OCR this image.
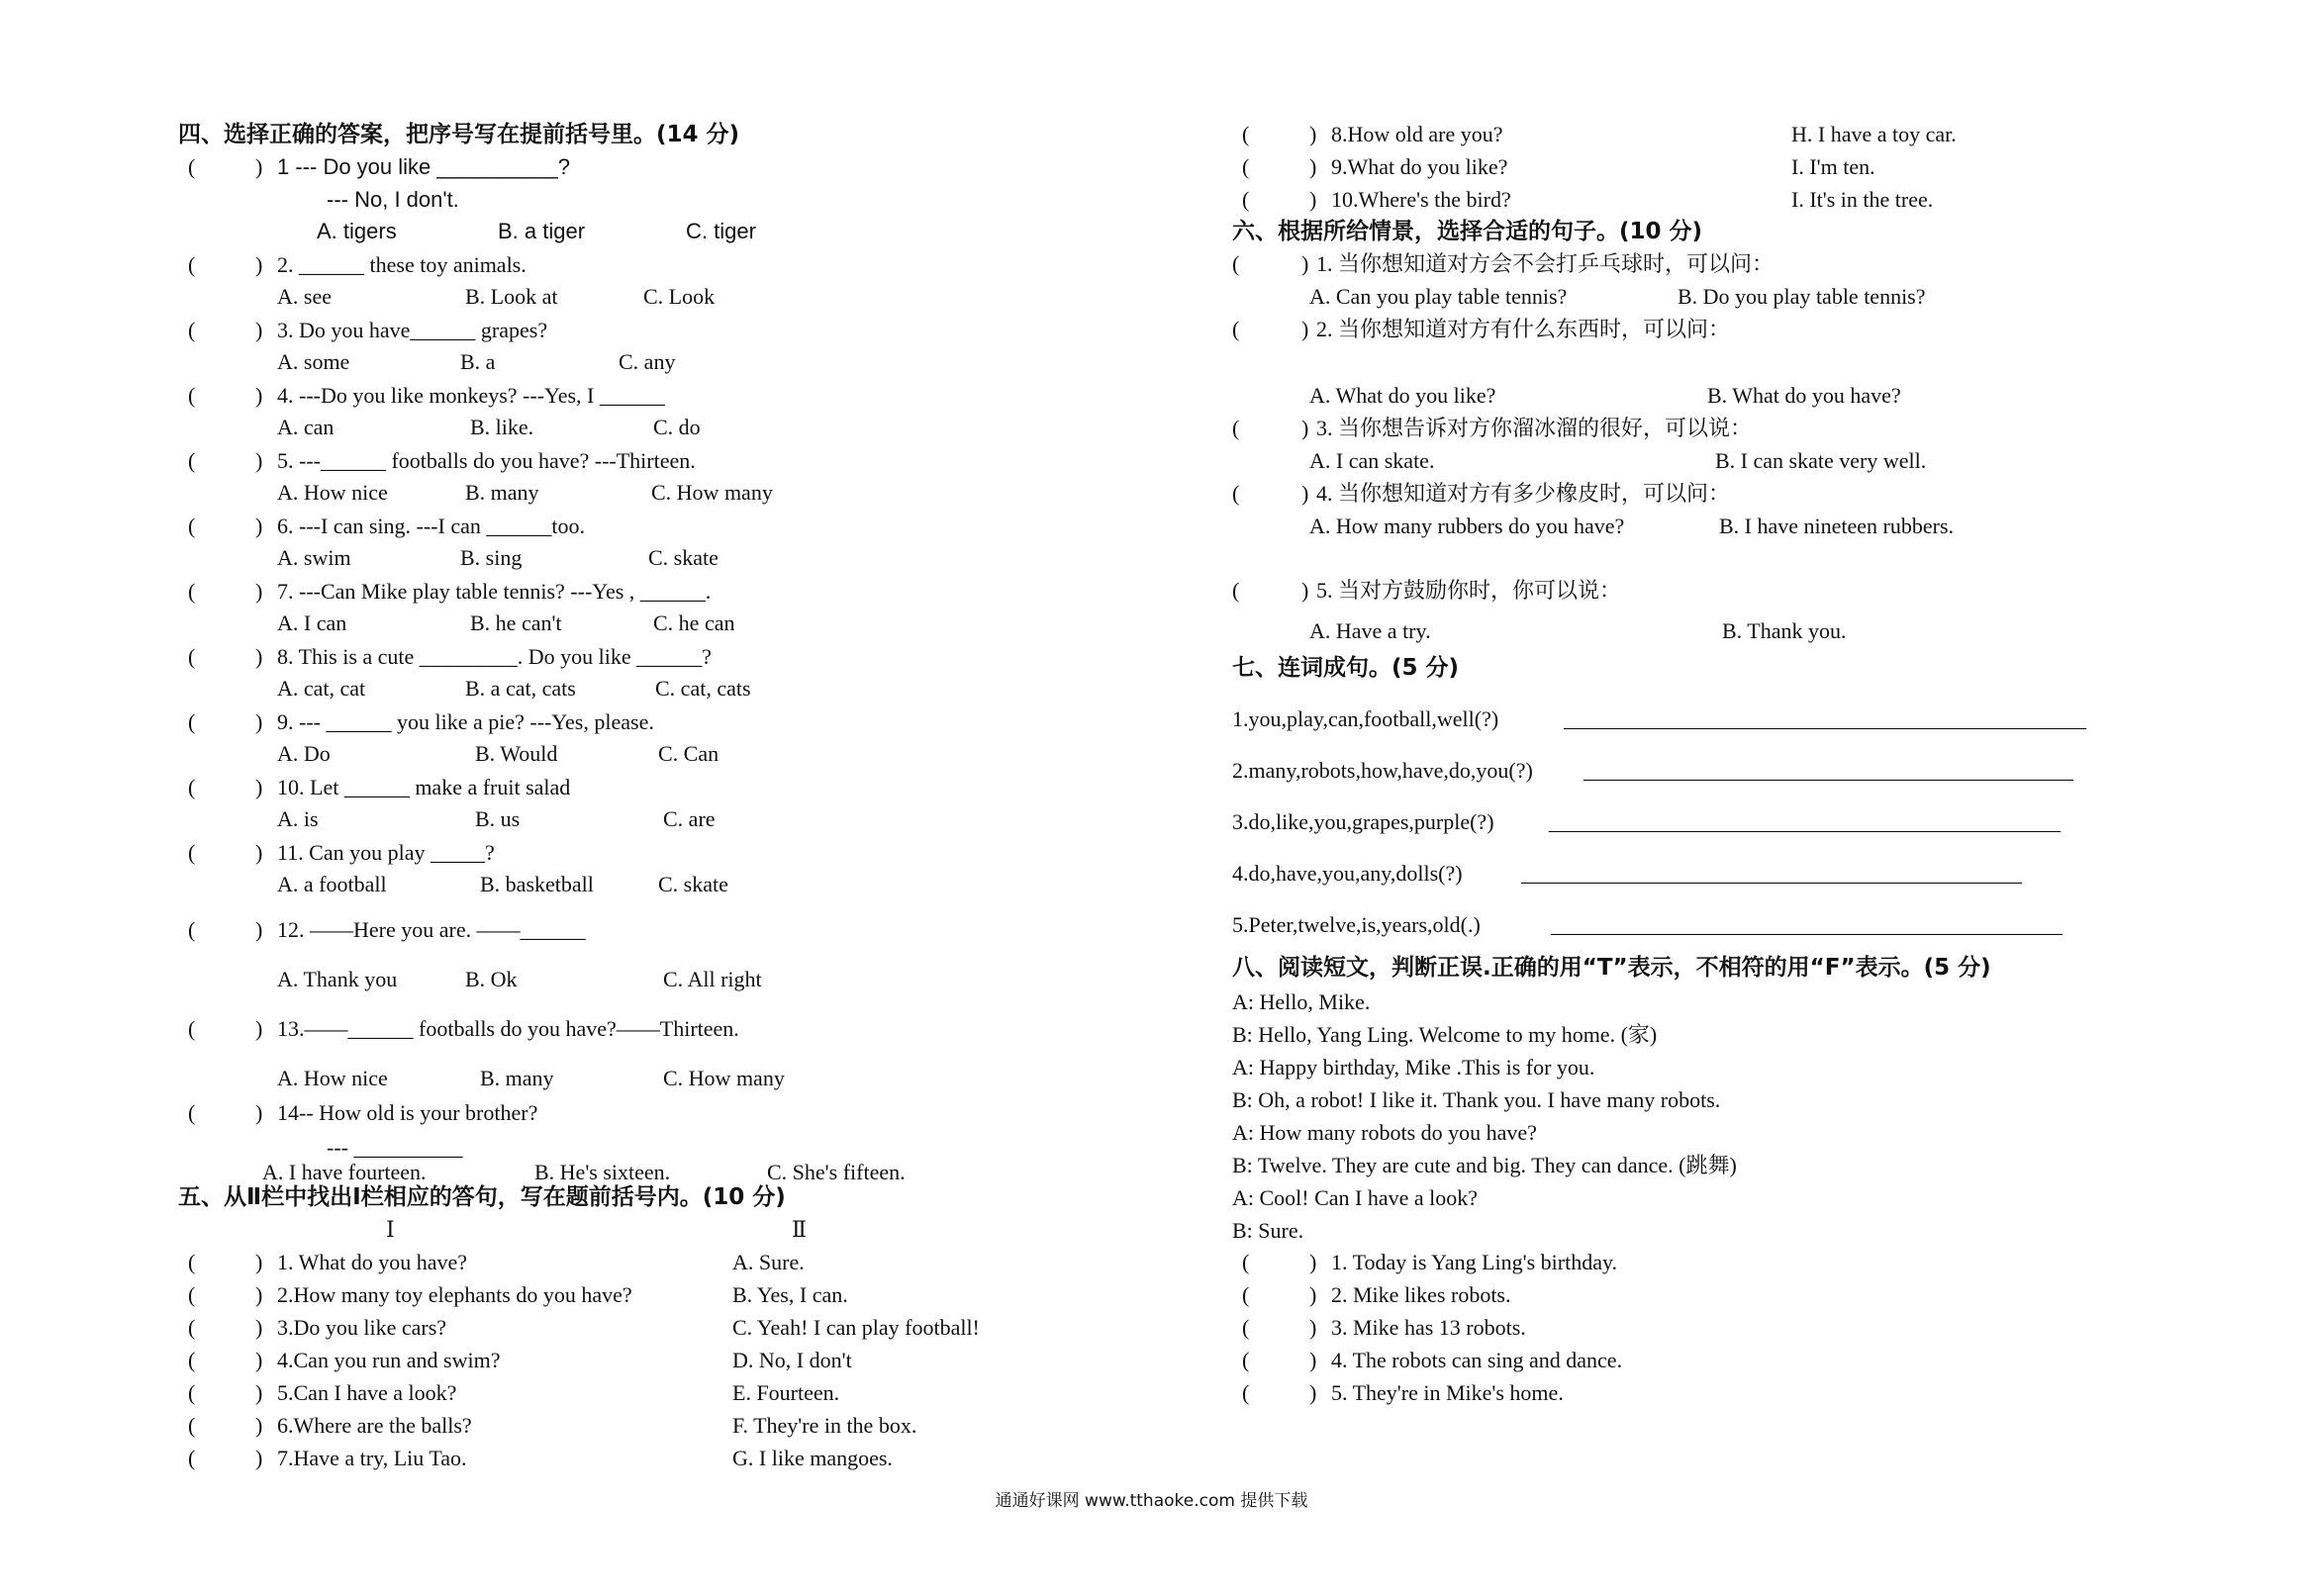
四、选择正确的答案，把序号写在提前括号里。(14 分)
(	) 1 --- Do you like __________?
--- No, I don't.
A. tigers	B. a tiger	C. tiger
(	) 2. ______ these toy animals.
A. see	B. Look at	C. Look
(	) 3. Do you have______ grapes?
A. some	B. a	C. any
(	) 4. ---Do you like monkeys? ---Yes, I ______
A. can	B. like.	C. do
(	) 5. ---______ footballs do you have? ---Thirteen.
A. How nice	B. many	C. How many
(	) 6. ---I can sing. ---I can ______too.
A. swim	B. sing	C. skate
(	) 7. ---Can Mike play table tennis? ---Yes , ______.
A. I can	B. he can't	C. he can
(	) 8. This is a cute _________. Do you like ______?
A. cat, cat	B. a cat, cats	C. cat, cats
(	) 9. --- ______ you like a pie? ---Yes, please.
A. Do	B. Would	C. Can
(	) 10. Let ______ make a fruit salad
A. is	B. us	C. are
(	) 11. Can you play _____?
A. a football	B. basketball	C. skate
(	) 12. ——Here you are. ——______
A. Thank you	B. Ok	C. All right
(	) 13.——______ footballs do you have?——Thirteen.
A. How nice	B. many	C. How many
(	) 14-- How old is your brother?
--- __________
A. I have fourteen.	B. He's sixteen.	C. She's fifteen.
五、从Ⅱ栏中找出Ⅰ栏相应的答句，写在题前括号内。(10 分)
Ⅰ	Ⅱ
(	) 1. What do you have?	A. Sure.
(	) 2.How many toy elephants do you have?	B. Yes, I can.
(	) 3.Do you like cars?	C. Yeah! I can play football!
(	) 4.Can you run and swim?	D. No, I don't
(	) 5.Can I have a look?	E. Fourteen.
(	) 6.Where are the balls?	F. They're in the box.
(	) 7.Have a try, Liu Tao.	G. I like mangoes.
(	) 8.How old are you?	H. I have a toy car.
(	) 9.What do you like?	I. I'm ten.
(	) 10.Where's the bird?	I. It's in the tree.
六、根据所给情景，选择合适的句子。(10 分)
(	) 1. 当你想知道对方会不会打乒乓球时，可以问：
A. Can you play table tennis?	B. Do you play table tennis?
(	) 2. 当你想知道对方有什么东西时，可以问：
A. What do you like?	B. What do you have?
(	) 3. 当你想告诉对方你溜冰溜的很好，可以说：
A. I can skate.	B. I can skate very well.
(	) 4. 当你想知道对方有多少橡皮时，可以问：
A. How many rubbers do you have?	B. I have nineteen rubbers.
(	) 5. 当对方鼓励你时，你可以说：
A. Have a try.	B. Thank you.
七、连词成句。(5 分)
1.you,play,can,football,well(?)	________________________________________________
2.many,robots,how,have,do,you(?) _____________________________________________
3.do,like,you,grapes,purple(?)	_______________________________________________
4.do,have,you,any,dolls(?)	______________________________________________
5.Peter,twelve,is,years,old(.)	_______________________________________________
八、阅读短文，判断正误.正确的用“T”表示，不相符的用“F”表示。(5 分)
A: Hello, Mike.
B: Hello, Yang Ling. Welcome to my home. (家)
A: Happy birthday, Mike .This is for you.
B: Oh, a robot! I like it. Thank you. I have many robots.
A: How many robots do you have?
B: Twelve. They are cute and big. They can dance. (跳舞)
A: Cool! Can I have a look?
B: Sure.
(	) 1. Today is Yang Ling's birthday.
(	) 2. Mike likes robots.
(	) 3. Mike has 13 robots.
(	) 4. The robots can sing and dance.
(	) 5. They're in Mike's home.
通通好课网 www.tthaoke.com 提供下载
